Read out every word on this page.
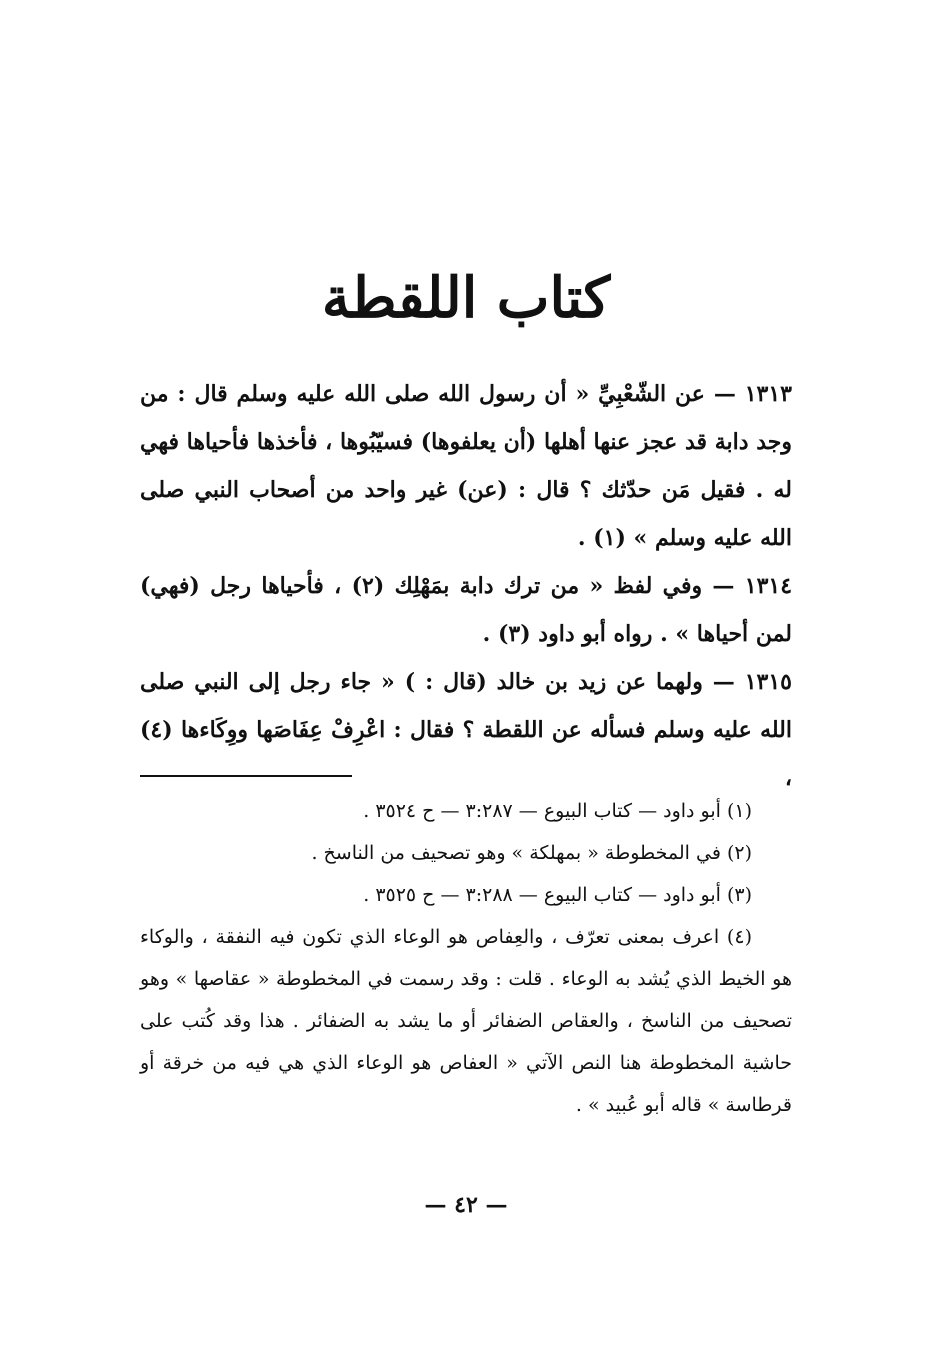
كتاب اللقطة

١٣١٣ — عن الشّعْبِيِّ « أن رسول الله صلى الله عليه وسلم قال : من وجد دابة قد عجز عنها أهلها (أن يعلفوها) فسيّبُوها ، فأخذها فأحياها فهي له . فقيل مَن حدّثك ؟ قال : (عن) غير واحد من أصحاب النبي صلى الله عليه وسلم » (١) .

١٣١٤ — وفي لفظ « من ترك دابة بمَهْلِك (٢) ، فأحياها رجل (فهي) لمن أحياها » . رواه أبو داود (٣) .

١٣١٥ — ولهما عن زيد بن خالد (قال : ) « جاء رجل إلى النبي صلى الله عليه وسلم فسأله عن اللقطة ؟ فقال : اعْرِفْ عِفَاصَها ووِكَاءها (٤) ،

(١) أبو داود — كتاب البيوع — ٣:٢٨٧ — ح ٣٥٢٤ .

(٢) في المخطوطة « بمهلكة » وهو تصحيف من الناسخ .

(٣) أبو داود — كتاب البيوع — ٣:٢٨٨ — ح ٣٥٢٥ .

(٤) اعرف بمعنى تعرّف ، والعِفاص هو الوعاء الذي تكون فيه النفقة ، والوكاء هو الخيط الذي يُشد به الوعاء . قلت : وقد رسمت في المخطوطة « عقاصها » وهو تصحيف من الناسخ ، والعقاص الضفائر أو ما يشد به الضفائر . هذا وقد كُتب على حاشية المخطوطة هنا النص الآتي « العفاص هو الوعاء الذي هي فيه من خرقة أو قرطاسة » قاله أبو عُبيد » .

— ٤٢ —
